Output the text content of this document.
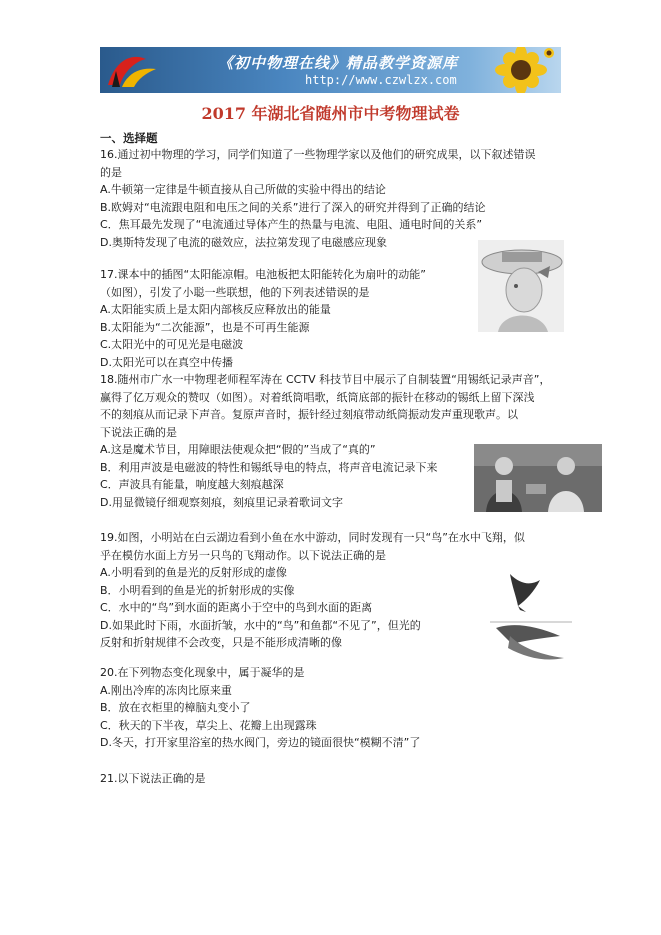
《初中物理在线》精品教学资源库
http://www.czwlzx.com
2017 年湖北省随州市中考物理试卷
一、选择题
16.通过初中物理的学习，同学们知道了一些物理学家以及他们的研究成果，以下叙述错误
的是
A.牛顿第一定律是牛顿直接从自己所做的实验中得出的结论
B.欧姆对“电流跟电阻和电压之间的关系”进行了深入的研究并得到了正确的结论
C．焦耳最先发现了“电流通过导体产生的热量与电流、电阻、通电时间的关系”
D.奥斯特发现了电流的磁效应，法拉第发现了电磁感应现象
17.课本中的插图“太阳能凉帽。电池板把太阳能转化为扇叶的动能”
（如图），引发了小聪一些联想，他的下列表述错误的是
A.太阳能实质上是太阳内部核反应释放出的能量
B.太阳能为“二次能源”，也是不可再生能源
C.太阳光中的可见光是电磁波
D.太阳光可以在真空中传播
18.随州市广水一中物理老师程军涛在 CCTV 科技节目中展示了自制装置“用锡纸记录声音”，
赢得了亿万观众的赞叹（如图）。对着纸筒唱歌，纸筒底部的振针在移动的锡纸上留下深浅
不的刻痕从而记录下声音。复原声音时，振针经过刻痕带动纸筒振动发声重现歌声。以
下说法正确的是
A.这是魔术节目，用障眼法使观众把“假的”当成了“真的”
B．利用声波是电磁波的特性和锡纸导电的特点，将声音电流记录下来
C．声波具有能量，响度越大刻痕越深
D.用显微镜仔细观察刻痕，刻痕里记录着歌词文字
19.如图，小明站在白云湖边看到小鱼在水中游动，同时发现有一只“鸟”在水中飞翔，似
乎在模仿水面上方另一只鸟的飞翔动作。以下说法正确的是
A.小明看到的鱼是光的反射形成的虚像
B．小明看到的鱼是光的折射形成的实像
C．水中的“鸟”到水面的距离小于空中的鸟到水面的距离
D.如果此时下雨，水面折皱，水中的“鸟”和鱼都“不见了”，但光的
反射和折射规律不会改变，只是不能形成清晰的像
20.在下列物态变化现象中，属于凝华的是
A.刚出冷库的冻肉比原来重
B．放在衣柜里的樟脑丸变小了
C．秋天的下半夜，草尖上、花瓣上出现露珠
D.冬天，打开家里浴室的热水阀门，旁边的镜面很快“模糊不清”了
21.以下说法正确的是
